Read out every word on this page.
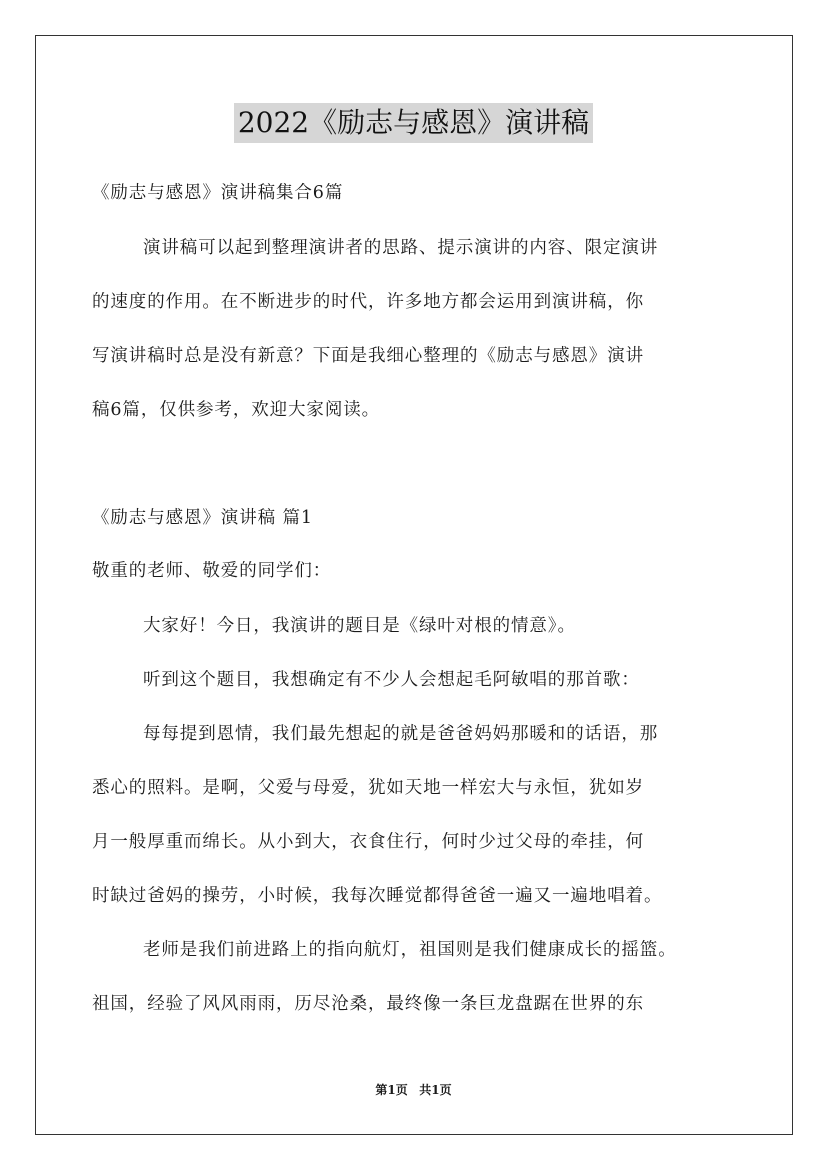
2022《励志与感恩》演讲稿
《励志与感恩》演讲稿集合6篇
演讲稿可以起到整理演讲者的思路、提示演讲的内容、限定演讲
的速度的作用。在不断进步的时代，许多地方都会运用到演讲稿，你
写演讲稿时总是没有新意？下面是我细心整理的《励志与感恩》演讲
稿6篇，仅供参考，欢迎大家阅读。
《励志与感恩》演讲稿 篇1
敬重的老师、敬爱的同学们：
大家好！今日，我演讲的题目是《绿叶对根的情意》。
听到这个题目，我想确定有不少人会想起毛阿敏唱的那首歌：
每每提到恩情，我们最先想起的就是爸爸妈妈那暖和的话语，那
悉心的照料。是啊，父爱与母爱，犹如天地一样宏大与永恒，犹如岁
月一般厚重而绵长。从小到大，衣食住行，何时少过父母的牵挂，何
时缺过爸妈的操劳，小时候，我每次睡觉都得爸爸一遍又一遍地唱着。
老师是我们前进路上的指向航灯，祖国则是我们健康成长的摇篮。
祖国，经验了风风雨雨，历尽沧桑，最终像一条巨龙盘踞在世界的东
第1页 共1页
